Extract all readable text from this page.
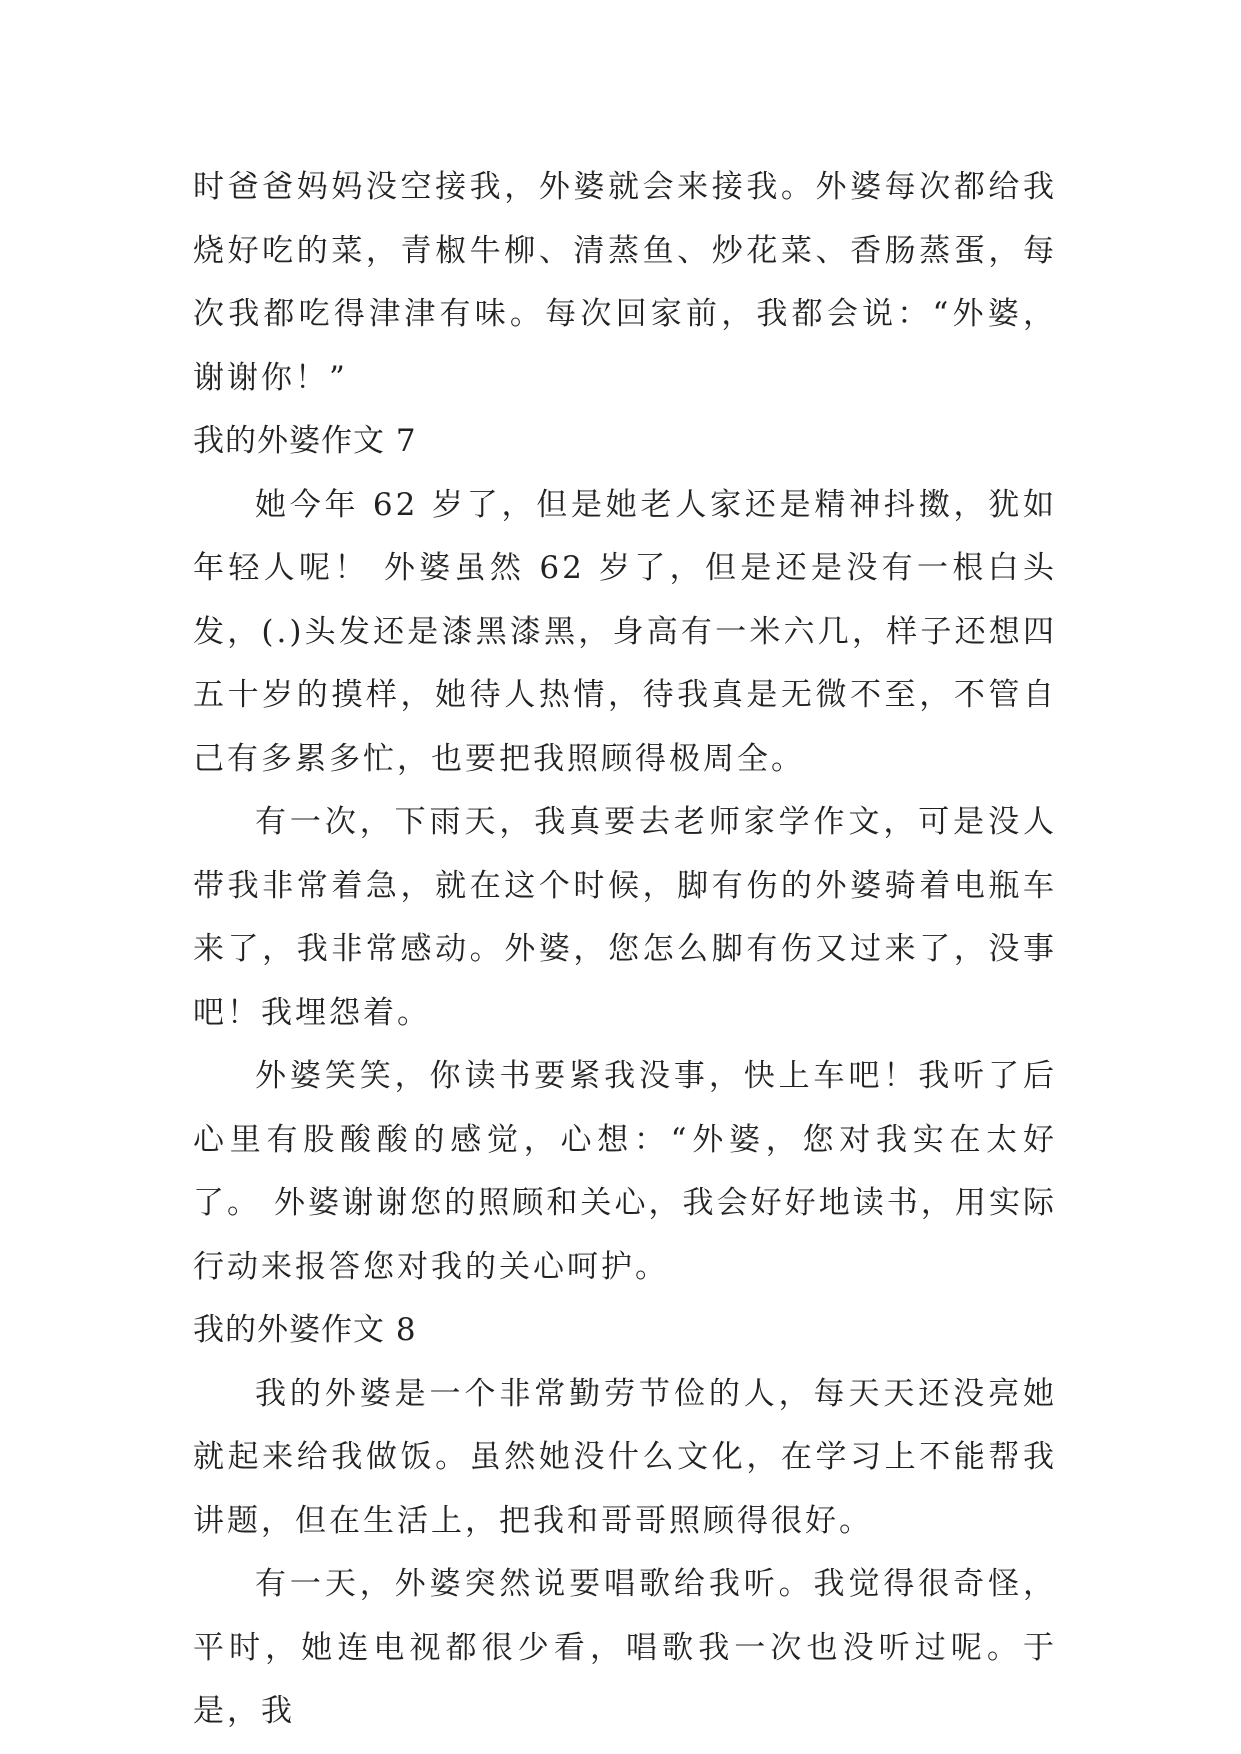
时爸爸妈妈没空接我，外婆就会来接我。外婆每次都给我烧好吃的菜，青椒牛柳、清蒸鱼、炒花菜、香肠蒸蛋，每次我都吃得津津有味。每次回家前，我都会说：“外婆，谢谢你！”

我的外婆作文 7

她今年 62 岁了，但是她老人家还是精神抖擞，犹如年轻人呢！ 外婆虽然 62 岁了，但是还是没有一根白头发，(.)头发还是漆黑漆黑，身高有一米六几，样子还想四五十岁的摸样，她待人热情，待我真是无微不至，不管自己有多累多忙，也要把我照顾得极周全。

有一次，下雨天，我真要去老师家学作文，可是没人带我非常着急，就在这个时候，脚有伤的外婆骑着电瓶车来了，我非常感动。外婆，您怎么脚有伤又过来了，没事吧！我埋怨着。

外婆笑笑，你读书要紧我没事，快上车吧！我听了后心里有股酸酸的感觉，心想：“外婆，您对我实在太好了。 外婆谢谢您的照顾和关心，我会好好地读书，用实际行动来报答您对我的关心呵护。

我的外婆作文 8

我的外婆是一个非常勤劳节俭的人，每天天还没亮她就起来给我做饭。虽然她没什么文化，在学习上不能帮我讲题，但在生活上，把我和哥哥照顾得很好。

有一天，外婆突然说要唱歌给我听。我觉得很奇怪，平时，她连电视都很少看，唱歌我一次也没听过呢。于是，我
